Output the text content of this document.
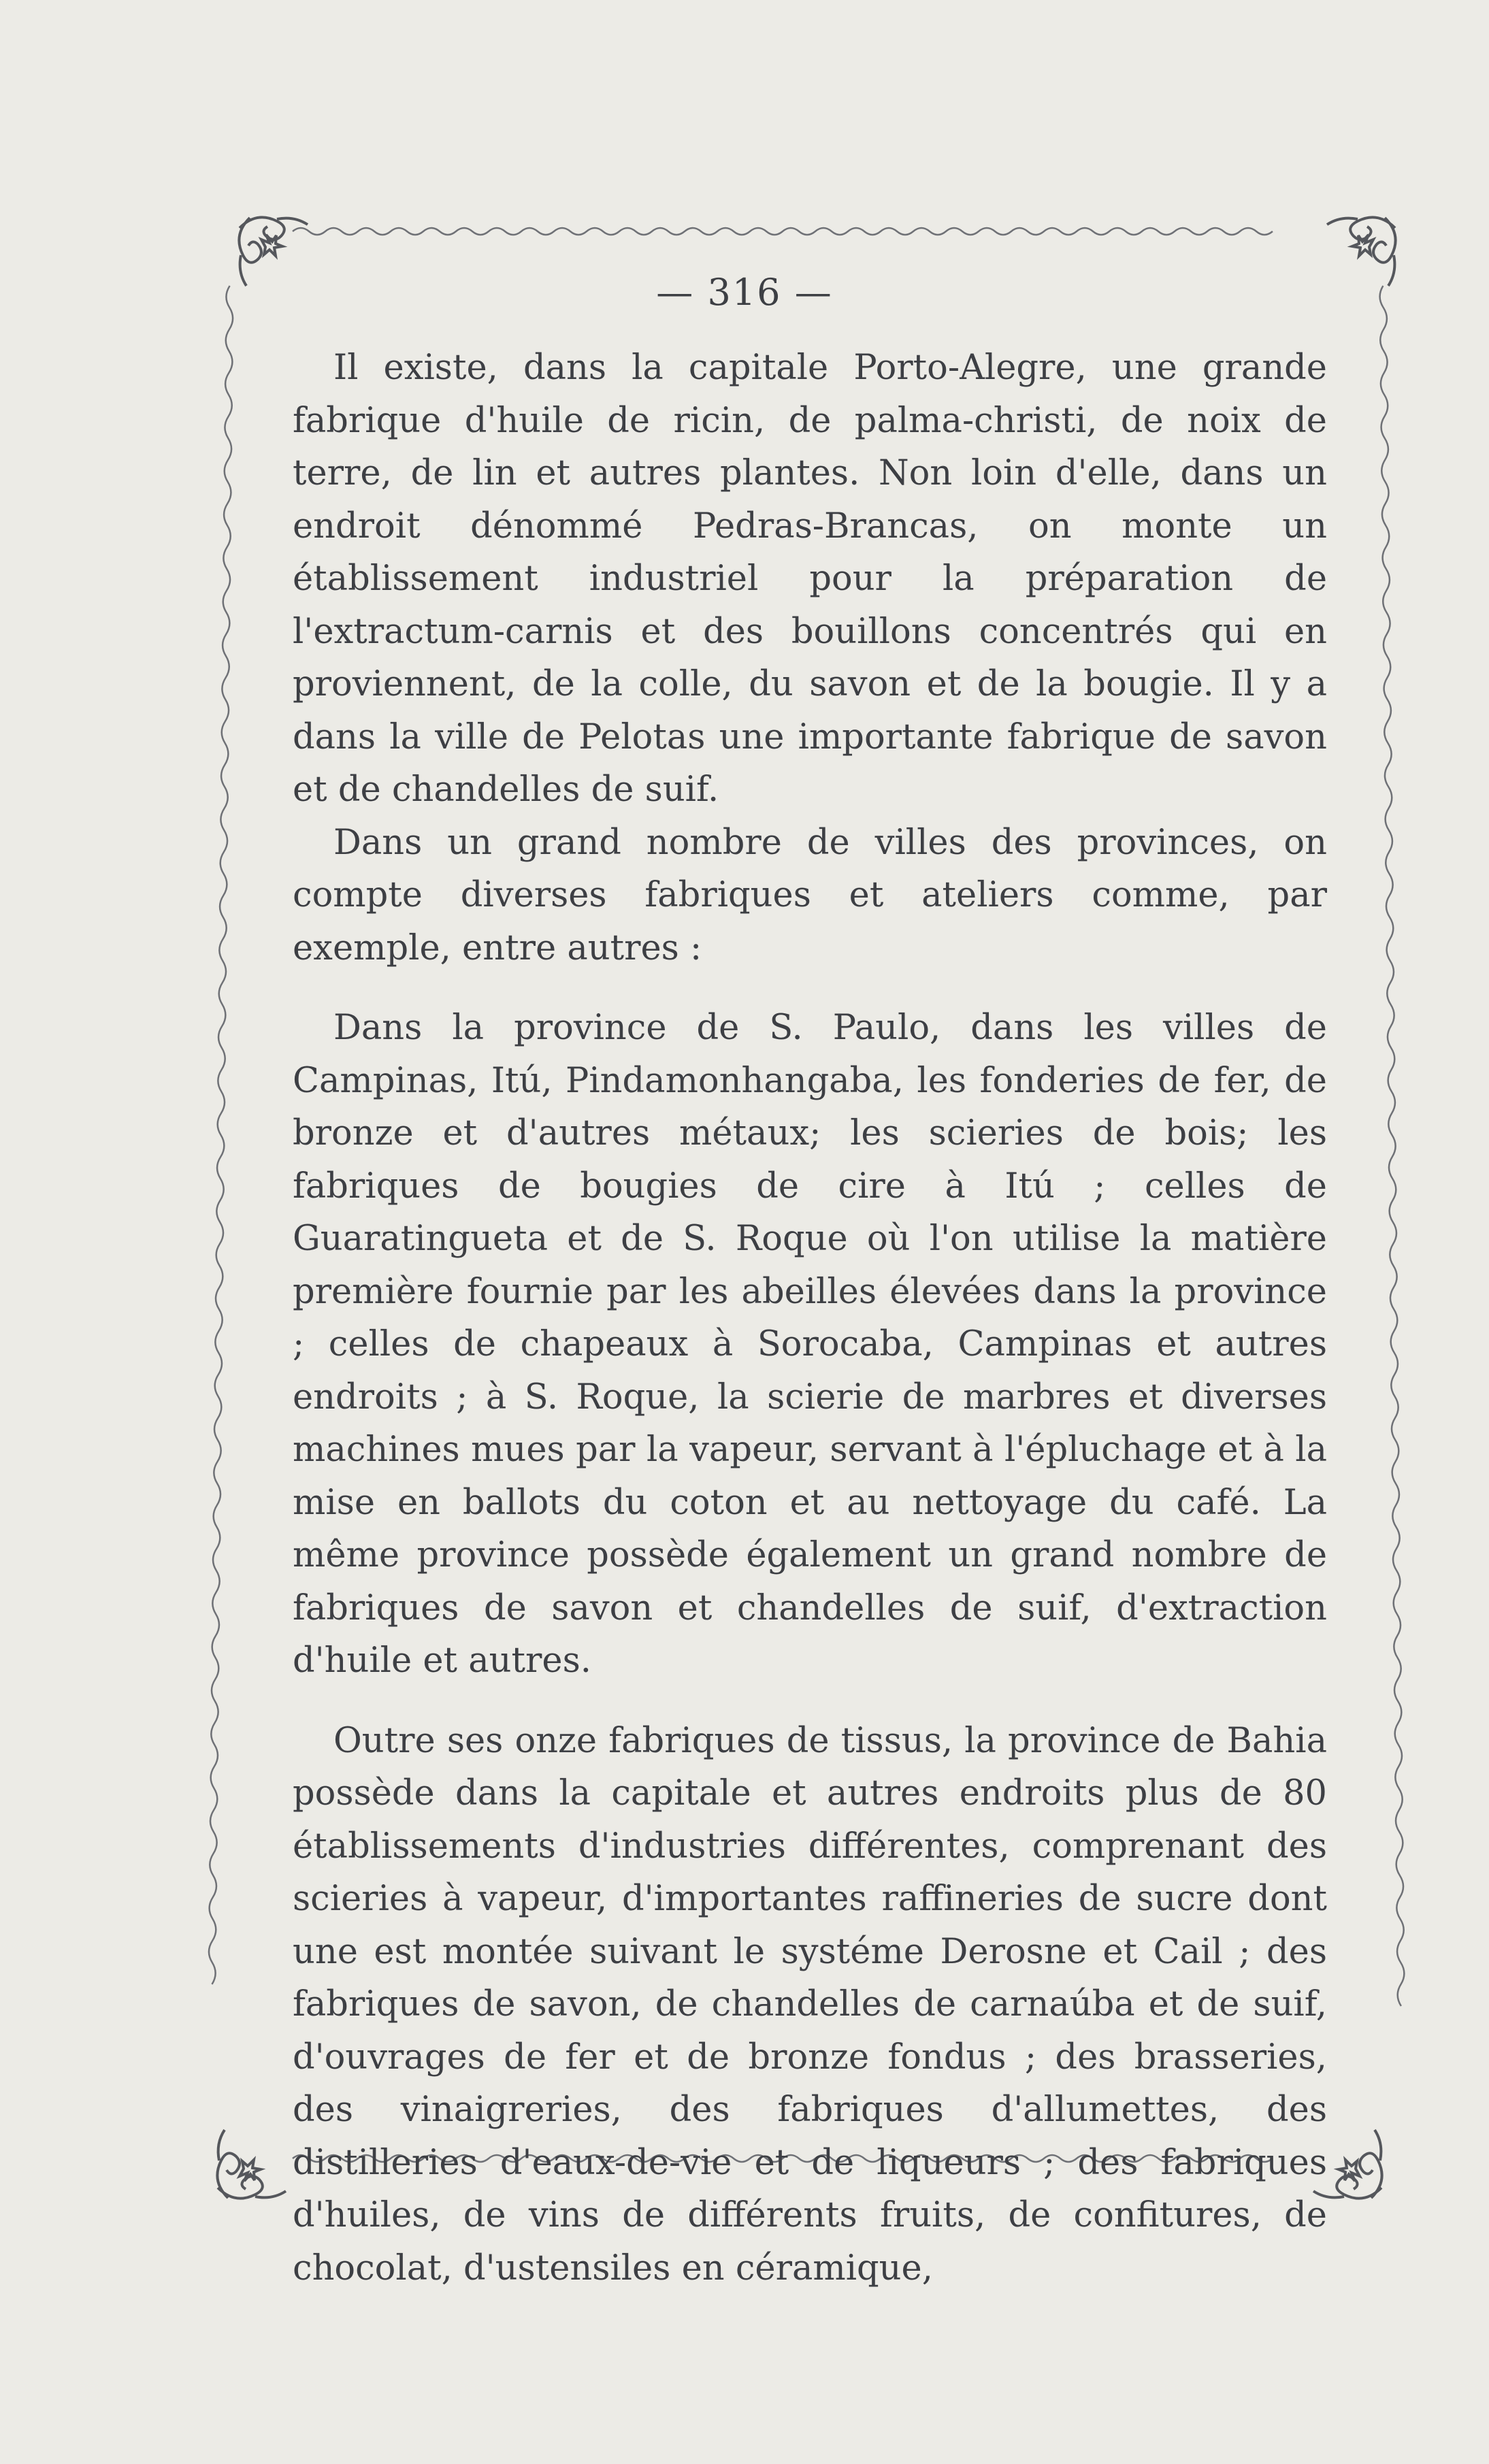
— 316 —

Il existe, dans la capitale Porto-Alegre, une grande fabrique d'huile de ricin, de palma-christi, de noix de terre, de lin et autres plantes. Non loin d'elle, dans un endroit dénommé Pedras-Brancas, on monte un établissement industriel pour la préparation de l'extractum-carnis et des bouillons concentrés qui en proviennent, de la colle, du savon et de la bougie. Il y a dans la ville de Pelotas une importante fabrique de savon et de chandelles de suif.

Dans un grand nombre de villes des provinces, on compte diverses fabriques et ateliers comme, par exemple, entre autres :

Dans la province de S. Paulo, dans les villes de Campinas, Itú, Pindamonhangaba, les fonderies de fer, de bronze et d'autres métaux; les scieries de bois; les fabriques de bougies de cire à Itú ; celles de Guaratingueta et de S. Roque où l'on utilise la matière première fournie par les abeilles élevées dans la province ; celles de chapeaux à Sorocaba, Campinas et autres endroits ; à S. Roque, la scierie de marbres et diverses machines mues par la vapeur, servant à l'épluchage et à la mise en ballots du coton et au nettoyage du café. La même province possède également un grand nombre de fabriques de savon et chandelles de suif, d'extraction d'huile et autres.

Outre ses onze fabriques de tissus, la province de Bahia possède dans la capitale et autres endroits plus de 80 établissements d'industries différentes, comprenant des scieries à vapeur, d'importantes raffineries de sucre dont une est montée suivant le systéme Derosne et Cail ; des fabriques de savon, de chandelles de carnaúba et de suif, d'ouvrages de fer et de bronze fondus ; des brasseries, des vinaigreries, des fabriques d'allumettes, des distilleries d'eaux-de-vie et de liqueurs ; des fabriques d'huiles, de vins de différents fruits, de confitures, de chocolat, d'ustensiles en céramique,
